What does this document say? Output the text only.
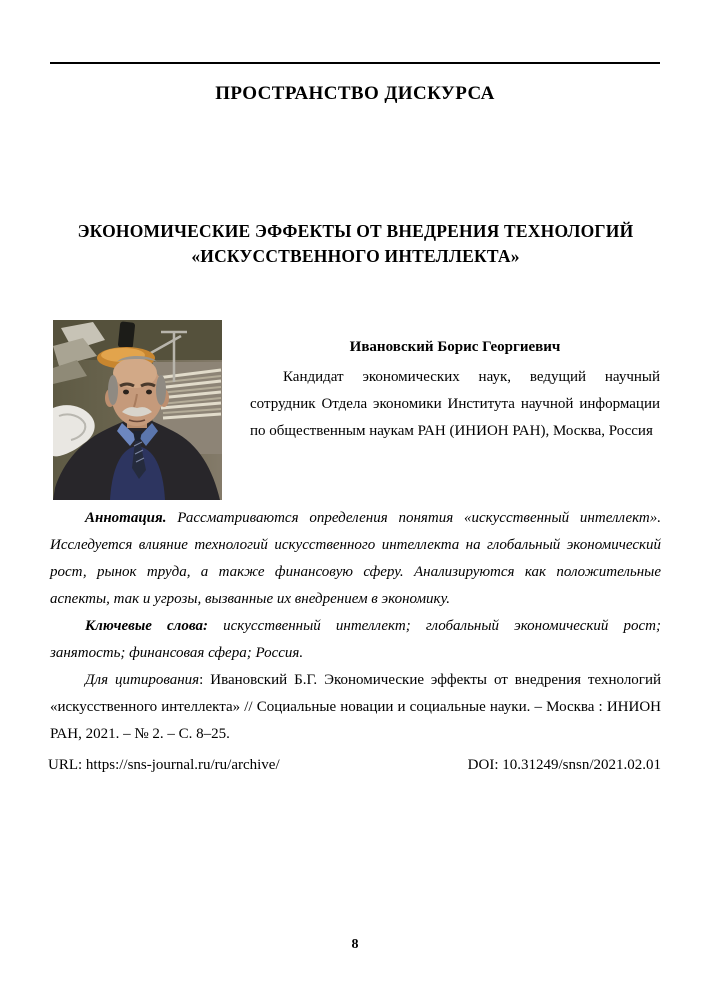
ПРОСТРАНСТВО ДИСКУРСА
ЭКОНОМИЧЕСКИЕ ЭФФЕКТЫ ОТ ВНЕДРЕНИЯ ТЕХНОЛОГИЙ
«ИСКУССТВЕННОГО ИНТЕЛЛЕКТА»
Ивановский Борис Георгиевич
Кандидат экономических наук, ведущий научный сотрудник Отдела экономики Института научной информации по общественным наукам РАН (ИНИОН РАН), Москва, Россия

Аннотация. Рассматриваются определения понятия «искусственный интеллект». Исследуется влияние технологий искусственного интеллекта на глобальный экономический рост, рынок труда, а также финансовую сферу. Анализируются как положительные аспекты, так и угрозы, вызванные их внедрением в экономику.

Ключевые слова: искусственный интеллект; глобальный экономический рост; занятость; финансовая сфера; Россия.

Для цитирования: Ивановский Б.Г. Экономические эффекты от внедрения технологий «искусственного интеллекта» // Социальные новации и социальные науки. – Москва : ИНИОН РАН, 2021. – № 2. – С. 8–25.

URL: https://sns-journal.ru/ru/archive/	DOI: 10.31249/snsn/2021.02.01
8
